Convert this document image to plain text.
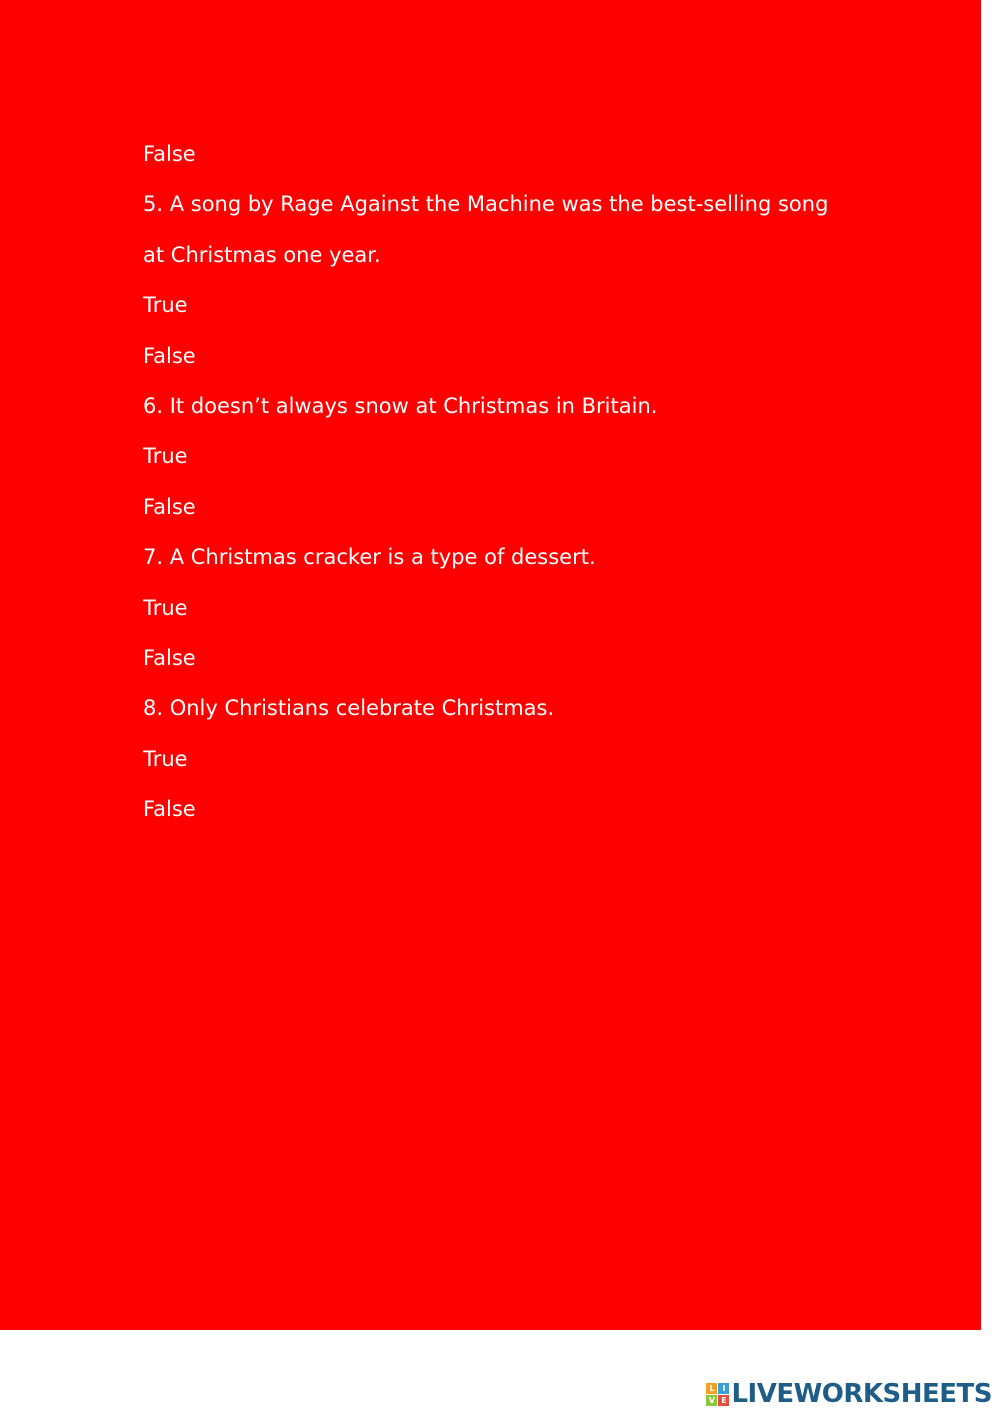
False
5. A song by Rage Against the Machine was the best-selling song
at Christmas one year.
True
False
6. It doesn’t always snow at Christmas in Britain.
True
False
7. A Christmas cracker is a type of dessert.
True
False
8. Only Christians celebrate Christmas.
True
False
L I
V E LIVEWORKSHEETS
